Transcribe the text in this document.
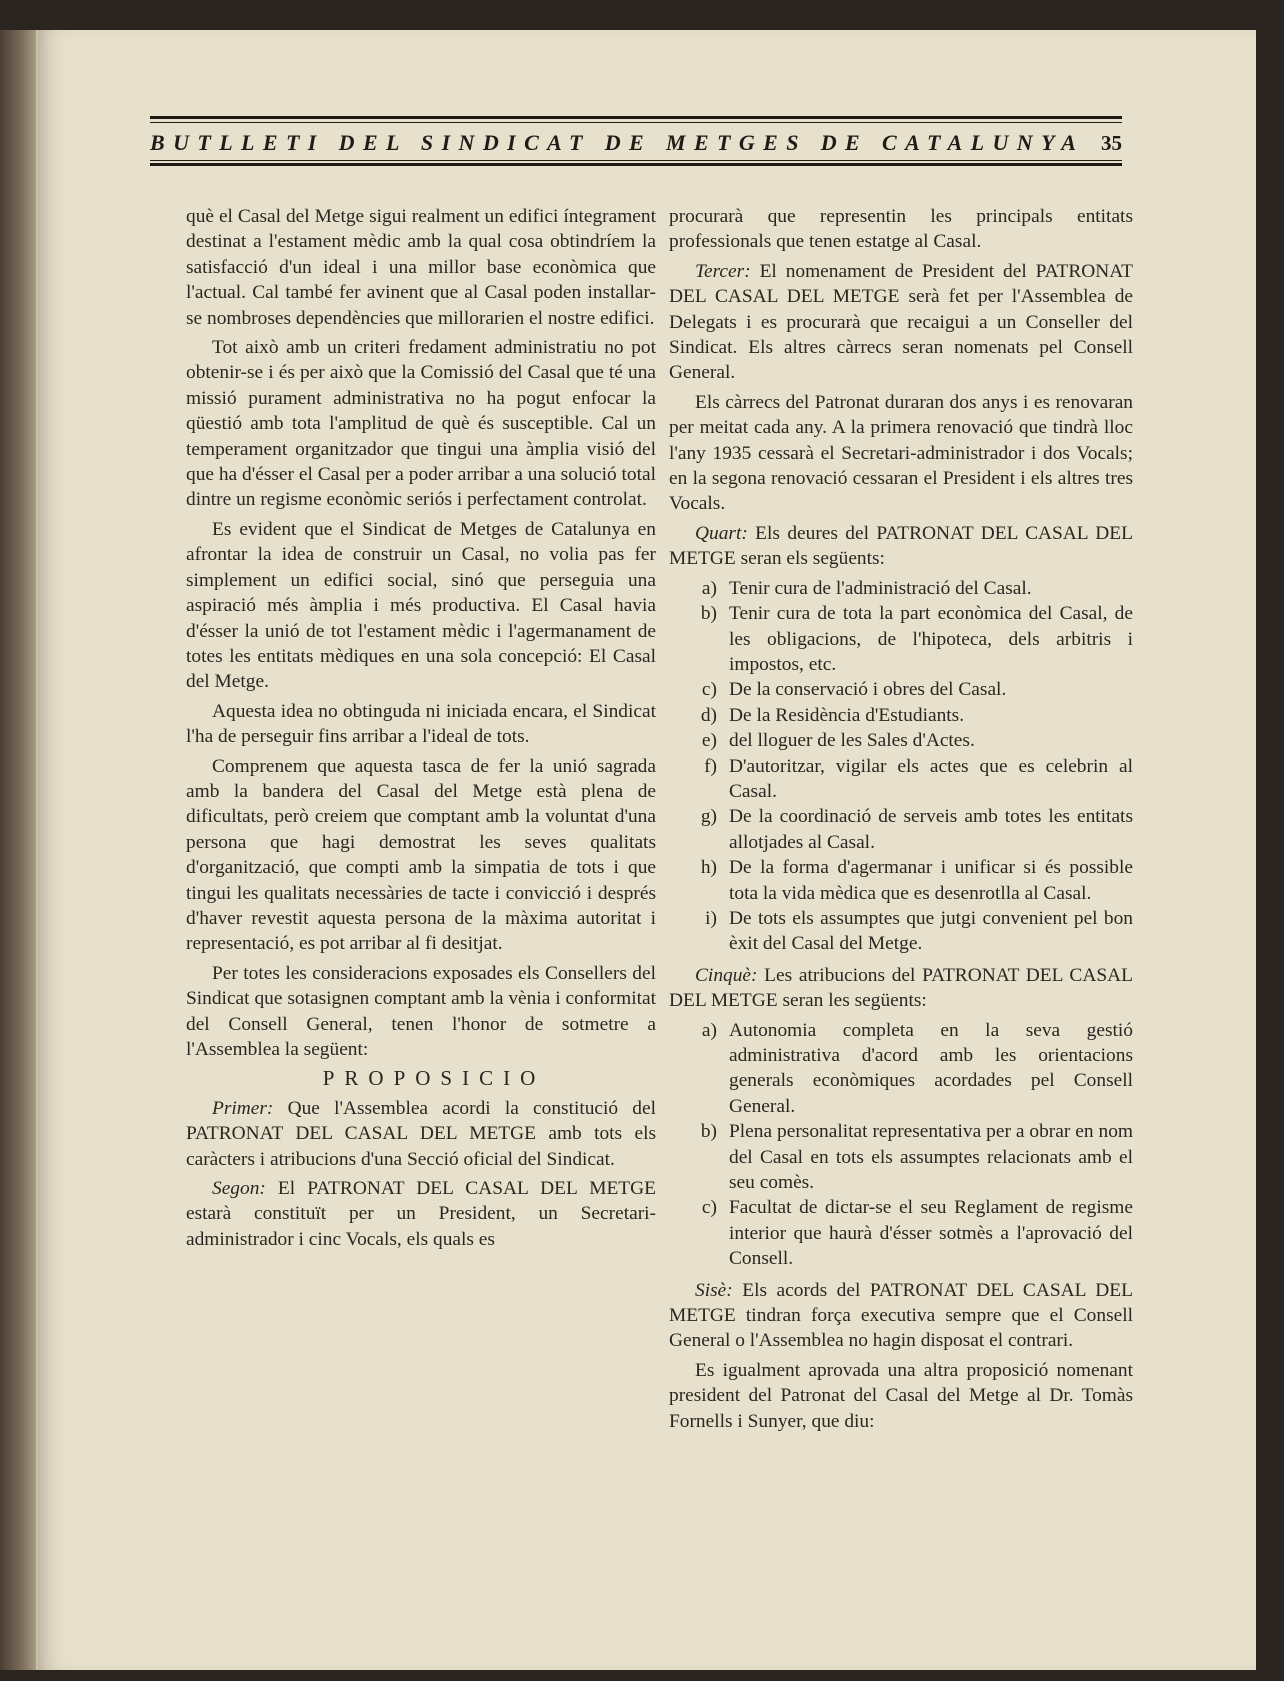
BUTLLETI DEL SINDICAT DE METGES DE CATALUNYA 35

què el Casal del Metge sigui realment un edifici íntegrament destinat a l'estament mèdic amb la qual cosa obtindríem la satisfacció d'un ideal i una millor base econòmica que l'actual. Cal també fer avinent que al Casal poden installar-se nombroses dependències que millorarien el nostre edifici.

Tot això amb un criteri fredament administratiu no pot obtenir-se i és per això que la Comissió del Casal que té una missió purament administrativa no ha pogut enfocar la qüestió amb tota l'amplitud de què és susceptible. Cal un temperament organitzador que tingui una àmplia visió del que ha d'ésser el Casal per a poder arribar a una solució total dintre un regisme econòmic seriós i perfectament controlat.

Es evident que el Sindicat de Metges de Catalunya en afrontar la idea de construir un Casal, no volia pas fer simplement un edifici social, sinó que perseguia una aspiració més àmplia i més productiva. El Casal havia d'ésser la unió de tot l'estament mèdic i l'agermanament de totes les entitats mèdiques en una sola concepció: El Casal del Metge.

Aquesta idea no obtinguda ni iniciada encara, el Sindicat l'ha de perseguir fins arribar a l'ideal de tots.

Comprenem que aquesta tasca de fer la unió sagrada amb la bandera del Casal del Metge està plena de dificultats, però creiem que comptant amb la voluntat d'una persona que hagi demostrat les seves qualitats d'organització, que compti amb la simpatia de tots i que tingui les qualitats necessàries de tacte i convicció i després d'haver revestit aquesta persona de la màxima autoritat i representació, es pot arribar al fi desitjat.

Per totes les consideracions exposades els Consellers del Sindicat que sotasignen comptant amb la vènia i conformitat del Consell General, tenen l'honor de sotmetre a l'Assemblea la següent:

PROPOSICIO

Primer: Que l'Assemblea acordi la constitució del PATRONAT DEL CASAL DEL METGE amb tots els caràcters i atribucions d'una Secció oficial del Sindicat.

Segon: El PATRONAT DEL CASAL DEL METGE estarà constituït per un President, un Secretari-administrador i cinc Vocals, els quals es

procurarà que representin les principals entitats professionals que tenen estatge al Casal.

Tercer: El nomenament de President del PATRONAT DEL CASAL DEL METGE serà fet per l'Assemblea de Delegats i es procurarà que recaigui a un Conseller del Sindicat. Els altres càrrecs seran nomenats pel Consell General.

Els càrrecs del Patronat duraran dos anys i es renovaran per meitat cada any. A la primera renovació que tindrà lloc l'any 1935 cessarà el Secretari-administrador i dos Vocals; en la segona renovació cessaran el President i els altres tres Vocals.

Quart: Els deures del PATRONAT DEL CASAL DEL METGE seran els següents:

a) Tenir cura de l'administració del Casal.
b) Tenir cura de tota la part econòmica del Casal, de les obligacions, de l'hipoteca, dels arbitris i impostos, etc.
c) De la conservació i obres del Casal.
d) De la Residència d'Estudiants.
e) del lloguer de les Sales d'Actes.
f) D'autoritzar, vigilar els actes que es celebrin al Casal.
g) De la coordinació de serveis amb totes les entitats allotjades al Casal.
h) De la forma d'agermanar i unificar si és possible tota la vida mèdica que es desenrotlla al Casal.
i) De tots els assumptes que jutgi convenient pel bon èxit del Casal del Metge.

Cinquè: Les atribucions del PATRONAT DEL CASAL DEL METGE seran les següents:

a) Autonomia completa en la seva gestió administrativa d'acord amb les orientacions generals econòmiques acordades pel Consell General.
b) Plena personalitat representativa per a obrar en nom del Casal en tots els assumptes relacionats amb el seu comès.
c) Facultat de dictar-se el seu Reglament de regisme interior que haurà d'ésser sotmès a l'aprovació del Consell.

Sisè: Els acords del PATRONAT DEL CASAL DEL METGE tindran força executiva sempre que el Consell General o l'Assemblea no hagin disposat el contrari.

Es igualment aprovada una altra proposició nomenant president del Patronat del Casal del Metge al Dr. Tomàs Fornells i Sunyer, que diu:
